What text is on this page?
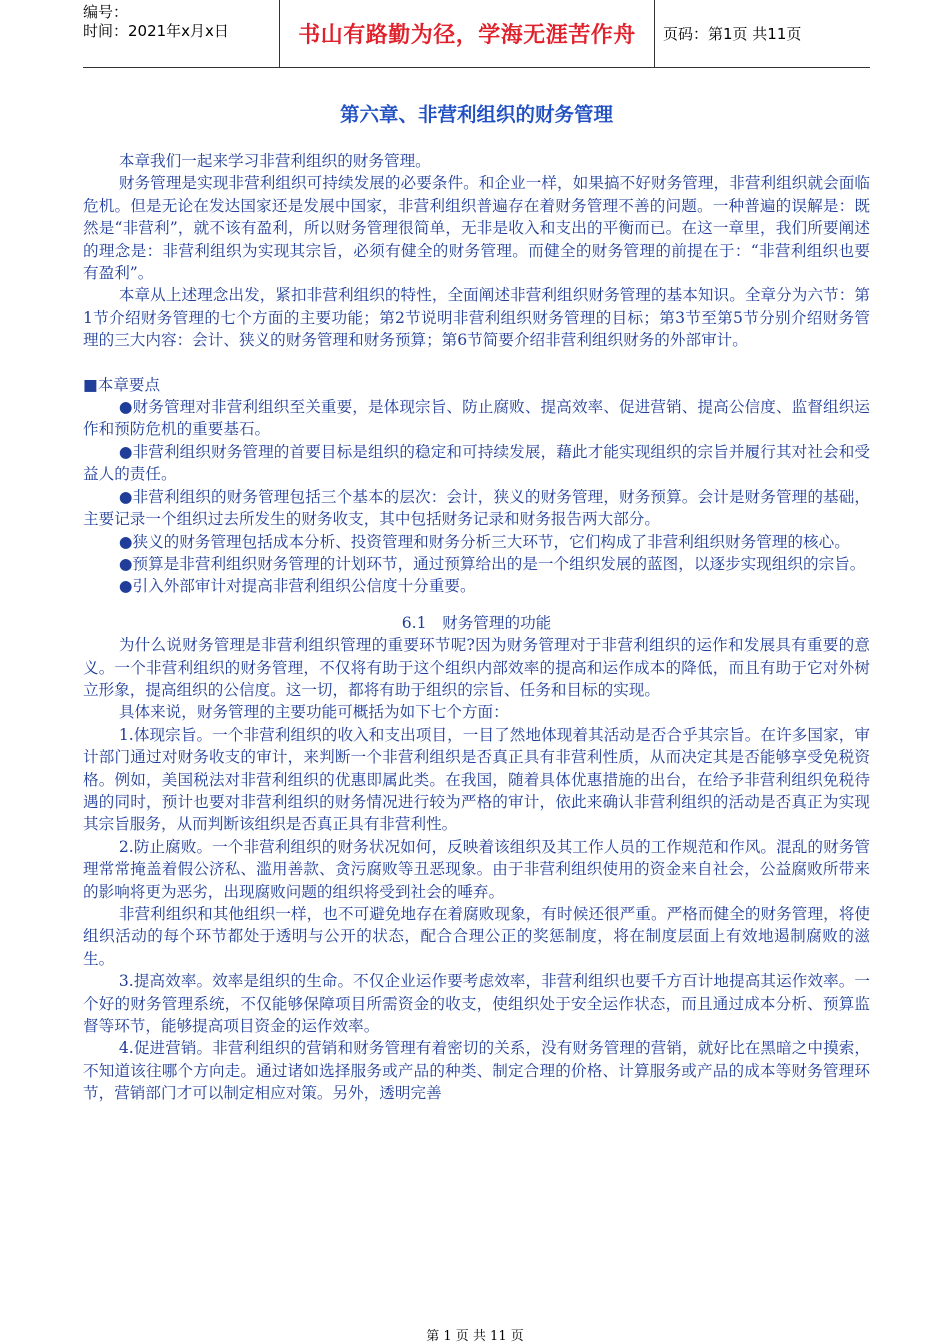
编号：
时间：2021年x月x日	书山有路勤为径，学海无涯苦作舟	页码：第1页 共11页
第六章、非营利组织的财务管理

本章我们一起来学习非营利组织的财务管理。

财务管理是实现非营利组织可持续发展的必要条件。和企业一样，如果搞不好财务管理，非营利组织就会面临危机。但是无论在发达国家还是发展中国家，非营利组织普遍存在着财务管理不善的问题。一种普遍的误解是：既然是“非营利”，就不该有盈利，所以财务管理很简单，无非是收入和支出的平衡而已。在这一章里，我们所要阐述的理念是：非营利组织为实现其宗旨，必须有健全的财务管理。而健全的财务管理的前提在于：“非营利组织也要有盈利”。

本章从上述理念出发，紧扣非营利组织的特性，全面阐述非营利组织财务管理的基本知识。全章分为六节：第1节介绍财务管理的七个方面的主要功能；第2节说明非营利组织财务管理的目标；第3节至第5节分别介绍财务管理的三大内容：会计、狭义的财务管理和财务预算；第6节简要介绍非营利组织财务的外部审计。

■本章要点

●财务管理对非营利组织至关重要，是体现宗旨、防止腐败、提高效率、促进营销、提高公信度、监督组织运作和预防危机的重要基石。

●非营利组织财务管理的首要目标是组织的稳定和可持续发展，藉此才能实现组织的宗旨并履行其对社会和受益人的责任。

●非营利组织的财务管理包括三个基本的层次：会计，狭义的财务管理，财务预算。会计是财务管理的基础，主要记录一个组织过去所发生的财务收支，其中包括财务记录和财务报告两大部分。

●狭义的财务管理包括成本分析、投资管理和财务分析三大环节，它们构成了非营利组织财务管理的核心。

●预算是非营利组织财务管理的计划环节，通过预算给出的是一个组织发展的蓝图，以逐步实现组织的宗旨。

●引入外部审计对提高非营利组织公信度十分重要。

6.1　财务管理的功能

为什么说财务管理是非营利组织管理的重要环节呢?因为财务管理对于非营利组织的运作和发展具有重要的意义。一个非营利组织的财务管理，不仅将有助于这个组织内部效率的提高和运作成本的降低，而且有助于它对外树立形象，提高组织的公信度。这一切，都将有助于组织的宗旨、任务和目标的实现。

具体来说，财务管理的主要功能可概括为如下七个方面：

1.体现宗旨。一个非营利组织的收入和支出项目，一目了然地体现着其活动是否合乎其宗旨。在许多国家，审计部门通过对财务收支的审计，来判断一个非营利组织是否真正具有非营利性质，从而决定其是否能够享受免税资格。例如，美国税法对非营利组织的优惠即属此类。在我国，随着具体优惠措施的出台，在给予非营利组织免税待遇的同时，预计也要对非营利组织的财务情况进行较为严格的审计，依此来确认非营利组织的活动是否真正为实现其宗旨服务，从而判断该组织是否真正具有非营利性。

2.防止腐败。一个非营利组织的财务状况如何，反映着该组织及其工作人员的工作规范和作风。混乱的财务管理常常掩盖着假公济私、滥用善款、贪污腐败等丑恶现象。由于非营利组织使用的资金来自社会，公益腐败所带来的影响将更为恶劣，出现腐败问题的组织将受到社会的唾弃。

非营利组织和其他组织一样，也不可避免地存在着腐败现象，有时候还很严重。严格而健全的财务管理，将使组织活动的每个环节都处于透明与公开的状态，配合合理公正的奖惩制度，将在制度层面上有效地遏制腐败的滋生。

3.提高效率。效率是组织的生命。不仅企业运作要考虑效率，非营利组织也要千方百计地提高其运作效率。一个好的财务管理系统，不仅能够保障项目所需资金的收支，使组织处于安全运作状态，而且通过成本分析、预算监督等环节，能够提高项目资金的运作效率。

4.促进营销。非营利组织的营销和财务管理有着密切的关系，没有财务管理的营销，就好比在黑暗之中摸索，不知道该往哪个方向走。通过诸如选择服务或产品的种类、制定合理的价格、计算服务或产品的成本等财务管理环节，营销部门才可以制定相应对策。另外，透明完善

第 1 页 共 11 页
